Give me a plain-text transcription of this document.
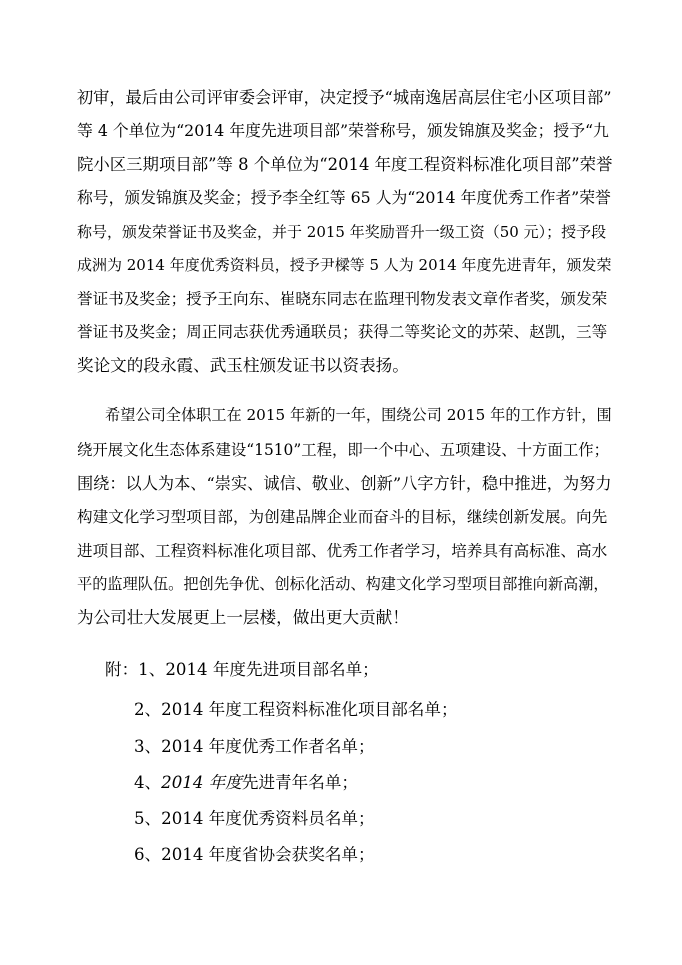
初审，最后由公司评审委会评审，决定授予“城南逸居高层住宅小区项目部”
等 4 个单位为“2014 年度先进项目部”荣誉称号，颁发锦旗及奖金；授予“九
院小区三期项目部”等 8 个单位为“2014 年度工程资料标准化项目部”荣誉
称号，颁发锦旗及奖金；授予李全红等 65 人为“2014 年度优秀工作者”荣誉
称号，颁发荣誉证书及奖金，并于 2015 年奖励晋升一级工资（50 元）；授予段
成洲为 2014 年度优秀资料员，授予尹樑等 5 人为 2014 年度先进青年，颁发荣
誉证书及奖金；授予王向东、崔晓东同志在监理刊物发表文章作者奖，颁发荣
誉证书及奖金；周正同志获优秀通联员；获得二等奖论文的苏荣、赵凯，三等
奖论文的段永霞、武玉柱颁发证书以资表扬。
希望公司全体职工在 2015 年新的一年，围绕公司 2015 年的工作方针，围
绕开展文化生态体系建设“1510”工程，即一个中心、五项建设、十方面工作；
围绕：以人为本、“崇实、诚信、敬业、创新”八字方针，稳中推进，为努力
构建文化学习型项目部，为创建品牌企业而奋斗的目标，继续创新发展。向先
进项目部、工程资料标准化项目部、优秀工作者学习，培养具有高标准、高水
平的监理队伍。把创先争优、创标化活动、构建文化学习型项目部推向新高潮，
为公司壮大发展更上一层楼，做出更大贡献！
附：1、2014 年度先进项目部名单；
2、2014 年度工程资料标准化项目部名单；
3、2014 年度优秀工作者名单；
4、2014 年度先进青年名单；
5、2014 年度优秀资料员名单；
6、2014 年度省协会获奖名单；
